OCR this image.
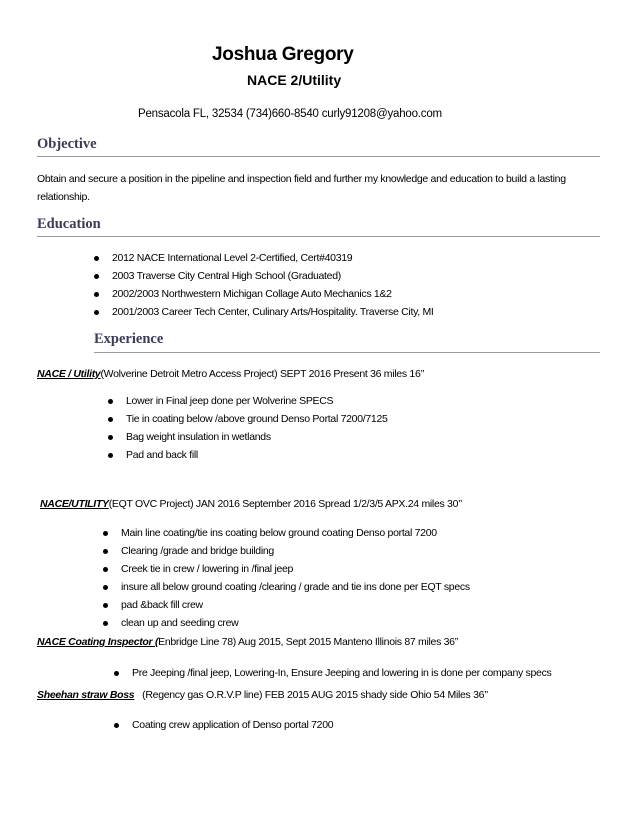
Joshua Gregory
NACE 2/Utility
Pensacola FL, 32534 (734)660-8540 curly91208@yahoo.com
Objective
Obtain and secure a position in the pipeline and inspection field and further my knowledge and education to build a lasting relationship.
Education
2012 NACE International Level 2-Certified, Cert#40319
2003 Traverse City Central High School (Graduated)
2002/2003 Northwestern Michigan Collage Auto Mechanics 1&2
2001/2003 Career Tech Center, Culinary Arts/Hospitality. Traverse City, MI
Experience
NACE / Utility(Wolverine Detroit Metro Access Project) SEPT 2016 Present 36 miles 16’’
Lower in Final jeep done per Wolverine SPECS
Tie in coating below /above ground Denso Portal 7200/7125
Bag weight insulation in wetlands
Pad and back fill
NACE/UTILITY(EQT OVC Project) JAN 2016 September 2016 Spread 1/2/3/5 APX.24 miles 30’’
Main line coating/tie ins coating below ground coating Denso portal 7200
Clearing /grade and bridge building
Creek tie in crew / lowering in /final jeep
insure all below ground coating /clearing / grade and tie ins done per EQT specs
pad &back fill crew
clean up and seeding crew
NACE Coating Inspector (Enbridge Line 78) Aug 2015, Sept 2015 Manteno Illinois 87 miles 36”
Pre Jeeping /final jeep, Lowering-In, Ensure Jeeping and lowering in is done per company specs
Sheehan straw Boss (Regency gas O.R.V.P line) FEB 2015 AUG 2015 shady side Ohio 54 Miles 36’’
Coating crew application of Denso portal 7200
